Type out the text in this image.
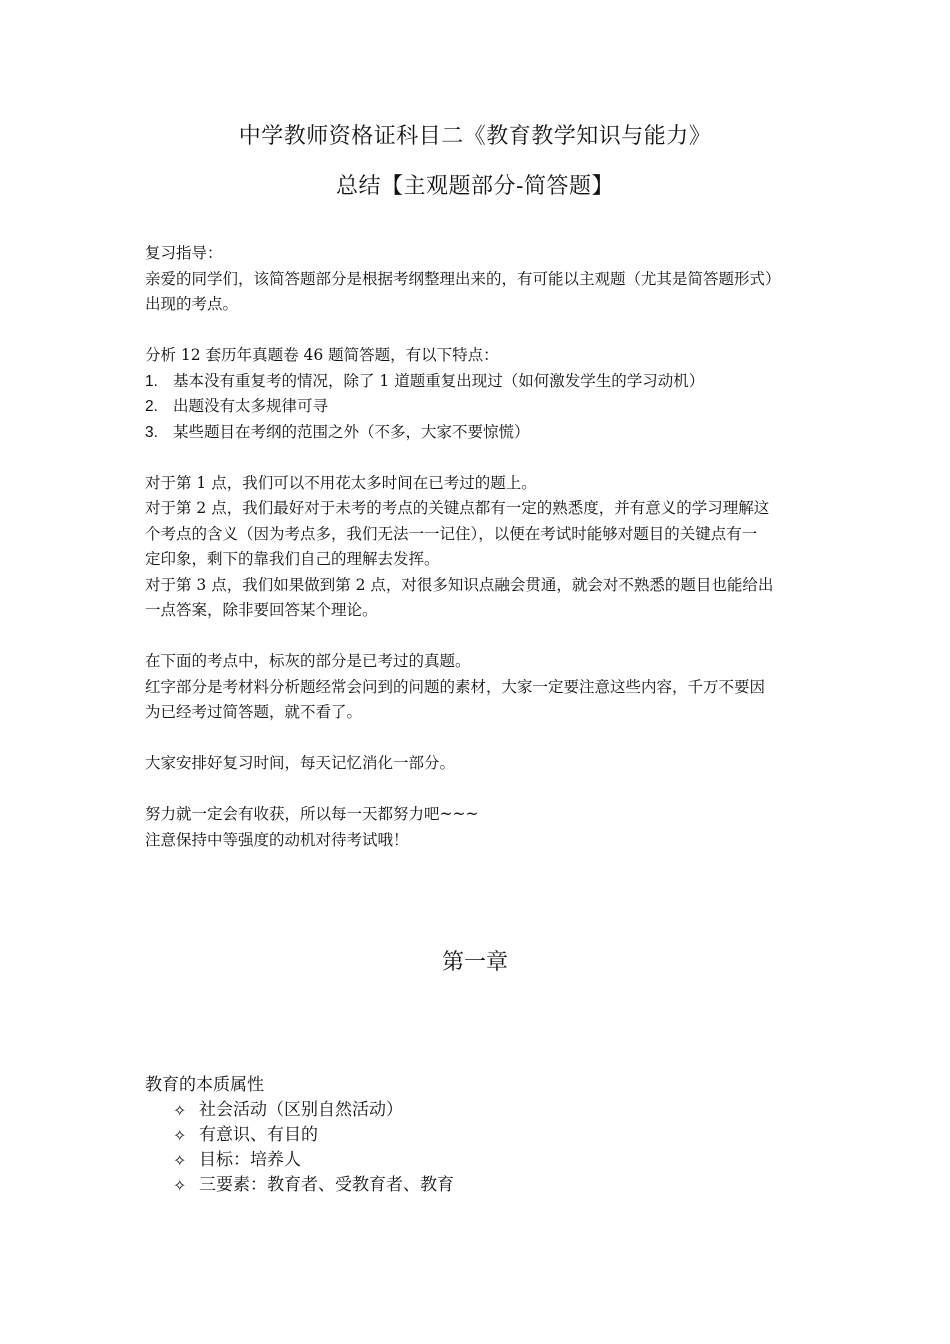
中学教师资格证科目二《教育教学知识与能力》
总结【主观题部分-简答题】

复习指导：

亲爱的同学们，该简答题部分是根据考纲整理出来的，有可能以主观题（尤其是简答题形式）

出现的考点。

分析 12 套历年真题卷 46 题简答题，有以下特点：

1. 基本没有重复考的情况，除了 1 道题重复出现过（如何激发学生的学习动机）
2. 出题没有太多规律可寻
3. 某些题目在考纲的范围之外（不多，大家不要惊慌）

对于第 1 点，我们可以不用花太多时间在已考过的题上。

对于第 2 点，我们最好对于未考的考点的关键点都有一定的熟悉度，并有意义的学习理解这

个考点的含义（因为考点多，我们无法一一记住），以便在考试时能够对题目的关键点有一

定印象，剩下的靠我们自己的理解去发挥。

对于第 3 点，我们如果做到第 2 点，对很多知识点融会贯通，就会对不熟悉的题目也能给出

一点答案，除非要回答某个理论。

在下面的考点中，标灰的部分是已考过的真题。

红字部分是考材料分析题经常会问到的问题的素材，大家一定要注意这些内容，千万不要因

为已经考过简答题，就不看了。

大家安排好复习时间，每天记忆消化一部分。

努力就一定会有收获，所以每一天都努力吧~~~

注意保持中等强度的动机对待考试哦！

第一章
教育的本质属性
✧ 社会活动（区别自然活动）
✧ 有意识、有目的
✧ 目标：培养人
✧ 三要素：教育者、受教育者、教育
